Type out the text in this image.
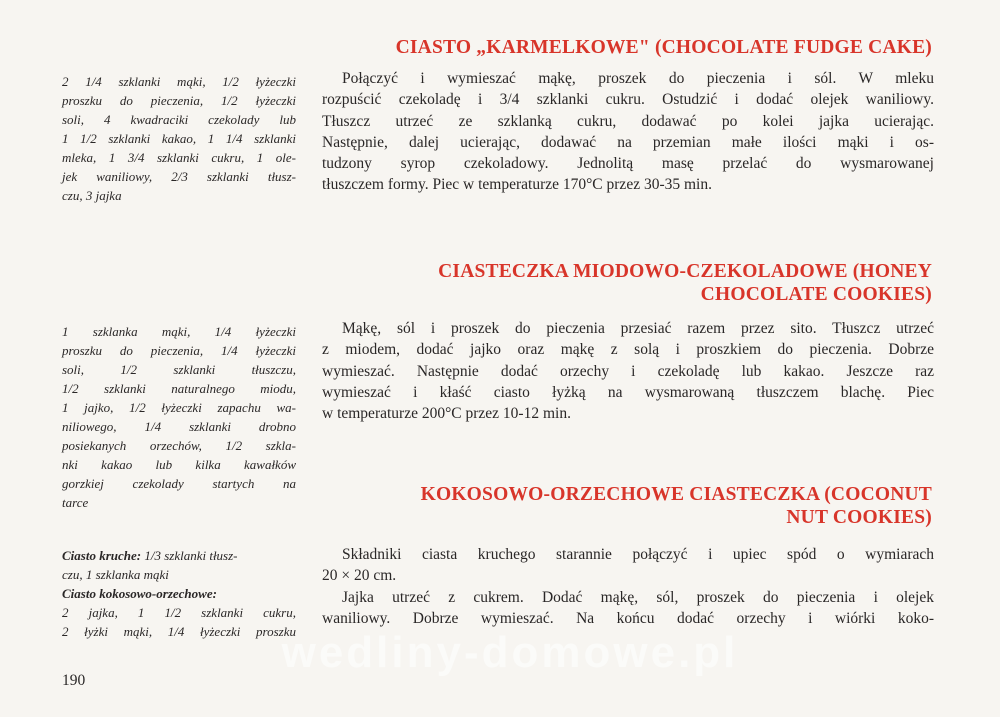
CIASTO „KARMELKOWE" (CHOCOLATE FUDGE CAKE)
2 1/4 szklanki mąki, 1/2 łyżeczki
proszku do pieczenia, 1/2 łyżeczki
soli, 4 kwadraciki czekolady lub
1 1/2 szklanki kakao, 1 1/4 szklanki
mleka, 1 3/4 szklanki cukru, 1 ole-
jek waniliowy, 2/3 szklanki tłusz-
czu, 3 jajka
Połączyć i wymieszać mąkę, proszek do pieczenia i sól. W mleku
rozpuścić czekoladę i 3/4 szklanki cukru. Ostudzić i dodać olejek waniliowy.
Tłuszcz utrzeć ze szklanką cukru, dodawać po kolei jajka ucierając.
Następnie, dalej ucierając, dodawać na przemian małe ilości mąki i os-
tudzony syrop czekoladowy. Jednolitą masę przelać do wysmarowanej
tłuszczem formy. Piec w temperaturze 170°C przez 30-35 min.
CIASTECZKA MIODOWO-CZEKOLADOWE (HONEY
CHOCOLATE COOKIES)
1 szklanka mąki, 1/4 łyżeczki
proszku do pieczenia, 1/4 łyżeczki
soli, 1/2 szklanki tłuszczu,
1/2 szklanki naturalnego miodu,
1 jajko, 1/2 łyżeczki zapachu wa-
niliowego, 1/4 szklanki drobno
posiekanych orzechów, 1/2 szkla-
nki kakao lub kilka kawałków
gorzkiej czekolady startych na
tarce
Mąkę, sól i proszek do pieczenia przesiać razem przez sito. Tłuszcz utrzeć
z miodem, dodać jajko oraz mąkę z solą i proszkiem do pieczenia. Dobrze
wymieszać. Następnie dodać orzechy i czekoladę lub kakao. Jeszcze raz
wymieszać i kłaść ciasto łyżką na wysmarowaną tłuszczem blachę. Piec
w temperaturze 200°C przez 10-12 min.
KOKOSOWO-ORZECHOWE CIASTECZKA (COCONUT
NUT COOKIES)
Ciasto kruche: 1/3 szklanki tłusz-
czu, 1 szklanka mąki
Ciasto kokosowo-orzechowe:
2 jajka, 1 1/2 szklanki cukru,
2 łyżki mąki, 1/4 łyżeczki proszku
Składniki ciasta kruchego starannie połączyć i upiec spód o wymiarach
20 × 20 cm.
Jajka utrzeć z cukrem. Dodać mąkę, sól, proszek do pieczenia i olejek
waniliowy. Dobrze wymieszać. Na końcu dodać orzechy i wiórki koko-
wedliny-domowe.pl
190
